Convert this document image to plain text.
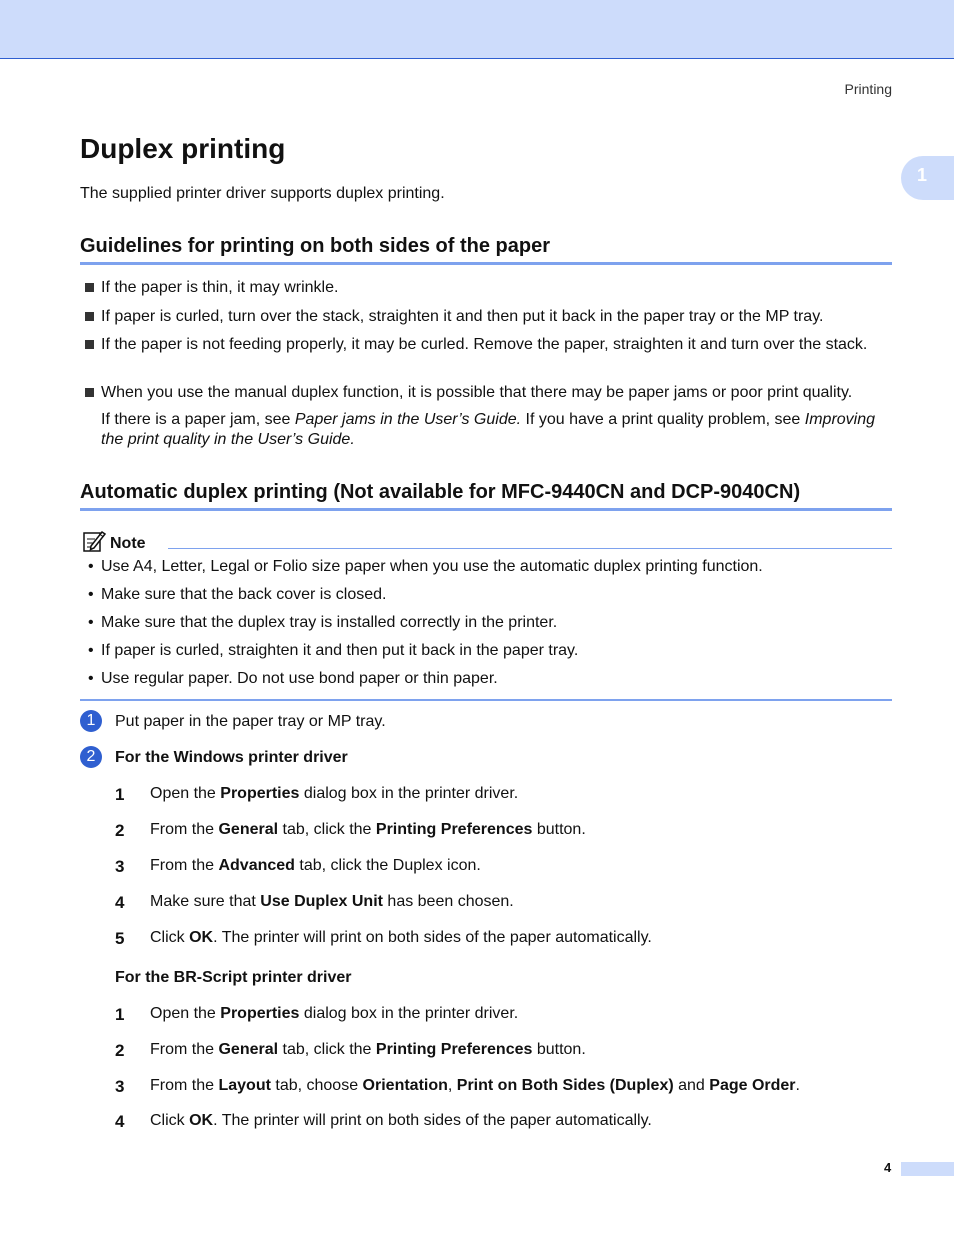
Printing
1
Duplex printing
The supplied printer driver supports duplex printing.
Guidelines for printing on both sides of the paper
If the paper is thin, it may wrinkle.
If paper is curled, turn over the stack, straighten it and then put it back in the paper tray or the MP tray.
If the paper is not feeding properly, it may be curled. Remove the paper, straighten it and turn over the stack.
When you use the manual duplex function, it is possible that there may be paper jams or poor print quality.
If there is a paper jam, see Paper jams in the User’s Guide. If you have a print quality problem, see Improving the print quality in the User’s Guide.
Automatic duplex printing (Not available for MFC-9440CN and DCP-9040CN)
Note
• Use A4, Letter, Legal or Folio size paper when you use the automatic duplex printing function.
• Make sure that the back cover is closed.
• Make sure that the duplex tray is installed correctly in the printer.
• If paper is curled, straighten it and then put it back in the paper tray.
• Use regular paper. Do not use bond paper or thin paper.
1	Put paper in the paper tray or MP tray.
2	For the Windows printer driver
1 Open the Properties dialog box in the printer driver.
2 From the General tab, click the Printing Preferences button.
3 From the Advanced tab, click the Duplex icon.
4 Make sure that Use Duplex Unit has been chosen.
5 Click OK. The printer will print on both sides of the paper automatically.
For the BR-Script printer driver
1 Open the Properties dialog box in the printer driver.
2 From the General tab, click the Printing Preferences button.
3 From the Layout tab, choose Orientation, Print on Both Sides (Duplex) and Page Order.
4 Click OK. The printer will print on both sides of the paper automatically.
4
